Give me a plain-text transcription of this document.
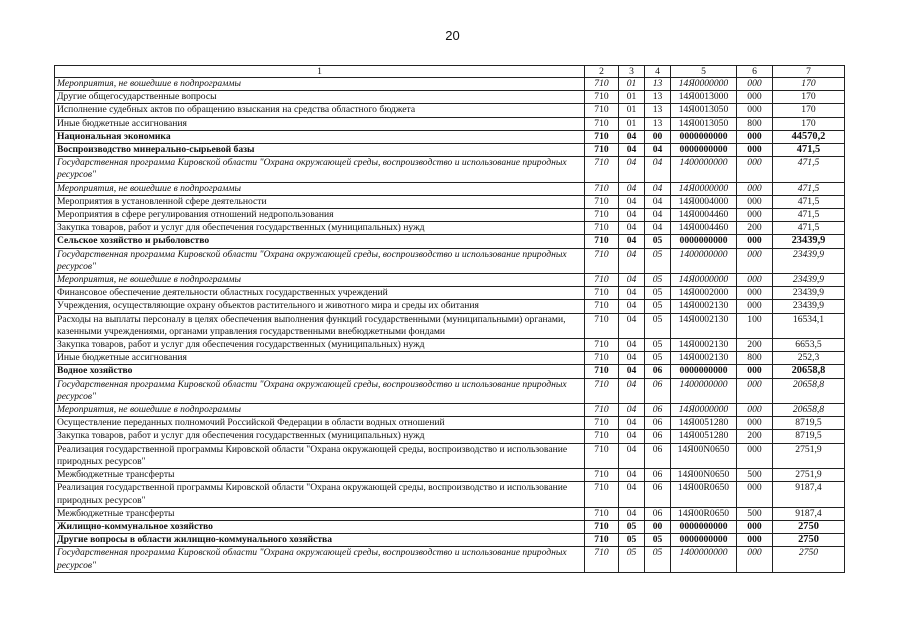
20
1	2	3	4	5	6	7
Мероприятия, не вошедшие в подпрограммы	710	01	13	14Я0000000	000	170
Другие общегосударственные вопросы	710	01	13	14Я0013000	000	170
Исполнение судебных актов по обращению взыскания на средства областного бюджета	710	01	13	14Я0013050	000	170
Иные бюджетные ассигнования	710	01	13	14Я0013050	800	170
Национальная экономика	710	04	00	0000000000	000	44570,2
Воспроизводство минерально-сырьевой базы	710	04	04	0000000000	000	471,5
Государственная программа Кировской области "Охрана окружающей среды, воспроизводство и использование природных ресурсов"	710	04	04	1400000000	000	471,5
Мероприятия, не вошедшие в подпрограммы	710	04	04	14Я0000000	000	471,5
Мероприятия в установленной сфере деятельности	710	04	04	14Я0004000	000	471,5
Мероприятия в сфере регулирования отношений недропользования	710	04	04	14Я0004460	000	471,5
Закупка товаров, работ и услуг для обеспечения государственных (муниципальных) нужд	710	04	04	14Я0004460	200	471,5
Сельское хозяйство и рыболовство	710	04	05	0000000000	000	23439,9
Государственная программа Кировской области "Охрана окружающей среды, воспроизводство и использование природных ресурсов"	710	04	05	1400000000	000	23439,9
Мероприятия, не вошедшие в подпрограммы	710	04	05	14Я0000000	000	23439,9
Финансовое обеспечение деятельности областных государственных учреждений	710	04	05	14Я0002000	000	23439,9
Учреждения, осуществляющие охрану объектов растительного и животного мира и среды их обитания	710	04	05	14Я0002130	000	23439,9
Расходы на выплаты персоналу в целях обеспечения выполнения функций государственными (муниципальными) органами, казенными учреждениями, органами управления государственными внебюджетными фондами	710	04	05	14Я0002130	100	16534,1
Закупка товаров, работ и услуг для обеспечения государственных (муниципальных) нужд	710	04	05	14Я0002130	200	6653,5
Иные бюджетные ассигнования	710	04	05	14Я0002130	800	252,3
Водное хозяйство	710	04	06	0000000000	000	20658,8
Государственная программа Кировской области "Охрана окружающей среды, воспроизводство и использование природных ресурсов"	710	04	06	1400000000	000	20658,8
Мероприятия, не вошедшие в подпрограммы	710	04	06	14Я0000000	000	20658,8
Осуществление переданных полномочий Российской Федерации в области водных отношений	710	04	06	14Я0051280	000	8719,5
Закупка товаров, работ и услуг для обеспечения государственных (муниципальных) нужд	710	04	06	14Я0051280	200	8719,5
Реализация государственной программы Кировской области "Охрана окружающей среды, воспроизводство и использование природных ресурсов"	710	04	06	14Я00N0650	000	2751,9
Межбюджетные трансферты	710	04	06	14Я00N0650	500	2751,9
Реализация государственной программы Кировской области "Охрана окружающей среды, воспроизводство и использование природных ресурсов"	710	04	06	14Я00R0650	000	9187,4
Межбюджетные трансферты	710	04	06	14Я00R0650	500	9187,4
Жилищно-коммунальное хозяйство	710	05	00	0000000000	000	2750
Другие вопросы в области жилищно-коммунального хозяйства	710	05	05	0000000000	000	2750
Государственная программа Кировской области "Охрана окружающей среды, воспроизводство и использование природных ресурсов"	710	05	05	1400000000	000	2750
